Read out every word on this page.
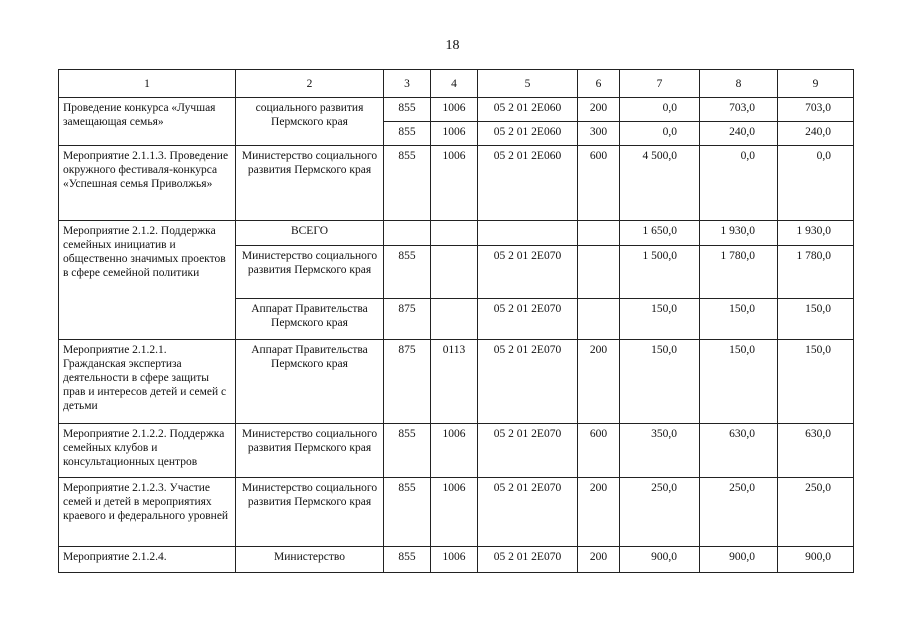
18
1	2	3	4	5	6	7	8	9
Проведение конкурса «Лучшая замещающая семья»	социального развития Пермского края	855	1006	05 2 01 2Е060	200	0,0	703,0	703,0
		855	1006	05 2 01 2Е060	300	0,0	240,0	240,0
Мероприятие 2.1.1.3. Проведение окружного фестиваля-конкурса «Успешная семья Приволжья»	Министерство социального развития Пермского края	855	1006	05 2 01 2Е060	600	4 500,0	0,0	0,0
Мероприятие 2.1.2. Поддержка семейных инициатив и общественно значимых проектов в сфере семейной политики	ВСЕГО					1 650,0	1 930,0	1 930,0
	Министерство социального развития Пермского края	855		05 2 01 2Е070		1 500,0	1 780,0	1 780,0
	Аппарат Правительства Пермского края	875		05 2 01 2Е070		150,0	150,0	150,0
Мероприятие 2.1.2.1. Гражданская экспертиза деятельности в сфере защиты прав и интересов детей и семей с детьми	Аппарат Правительства Пермского края	875	0113	05 2 01 2Е070	200	150,0	150,0	150,0
Мероприятие 2.1.2.2. Поддержка семейных клубов и консультационных центров	Министерство социального развития Пермского края	855	1006	05 2 01 2Е070	600	350,0	630,0	630,0
Мероприятие 2.1.2.3. Участие семей и детей в мероприятиях краевого и федерального уровней	Министерство социального развития Пермского края	855	1006	05 2 01 2Е070	200	250,0	250,0	250,0
Мероприятие 2.1.2.4.	Министерство	855	1006	05 2 01 2Е070	200	900,0	900,0	900,0
